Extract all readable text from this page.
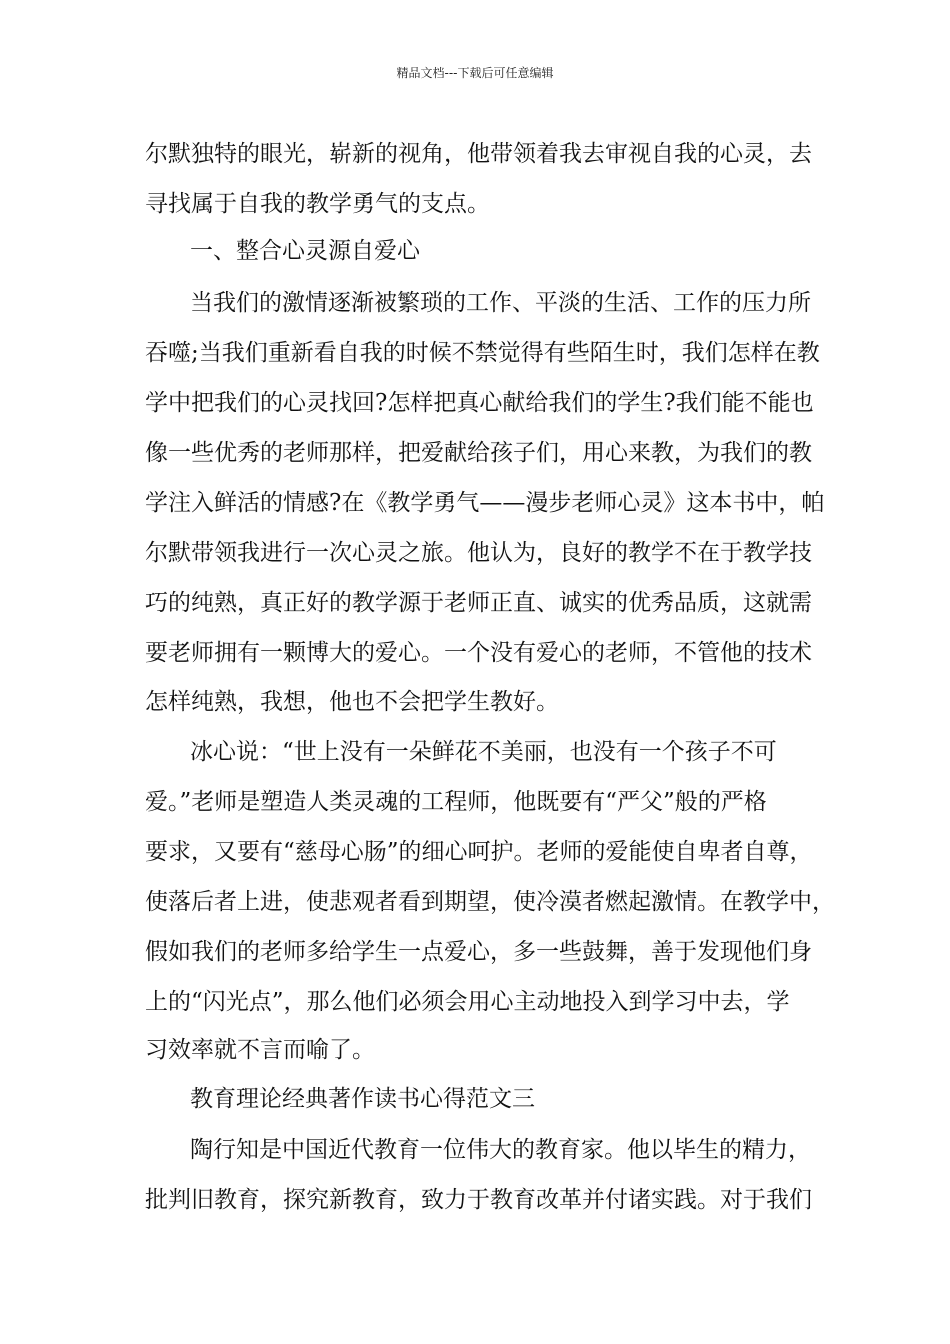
精品文档---下载后可任意编辑
尔默独特的眼光，崭新的视角，他带领着我去审视自我的心灵，去
寻找属于自我的教学勇气的支点。
一、整合心灵源自爱心
当我们的激情逐渐被繁琐的工作、平淡的生活、工作的压力所
吞噬;当我们重新看自我的时候不禁觉得有些陌生时，我们怎样在教
学中把我们的心灵找回?怎样把真心献给我们的学生?我们能不能也
像一些优秀的老师那样，把爱献给孩子们，用心来教，为我们的教
学注入鲜活的情感?在《教学勇气——漫步老师心灵》这本书中，帕
尔默带领我进行一次心灵之旅。他认为，良好的教学不在于教学技
巧的纯熟，真正好的教学源于老师正直、诚实的优秀品质，这就需
要老师拥有一颗博大的爱心。一个没有爱心的老师，不管他的技术
怎样纯熟，我想，他也不会把学生教好。
冰心说：“世上没有一朵鲜花不美丽，也没有一个孩子不可
爱。”老师是塑造人类灵魂的工程师，他既要有“严父”般的严格
要求，又要有“慈母心肠”的细心呵护。老师的爱能使自卑者自尊，
使落后者上进，使悲观者看到期望，使冷漠者燃起激情。在教学中，
假如我们的老师多给学生一点爱心，多一些鼓舞，善于发现他们身
上的“闪光点”，那么他们必须会用心主动地投入到学习中去，学
习效率就不言而喻了。
教育理论经典著作读书心得范文三
陶行知是中国近代教育一位伟大的教育家。他以毕生的精力，
批判旧教育，探究新教育，致力于教育改革并付诸实践。对于我们
